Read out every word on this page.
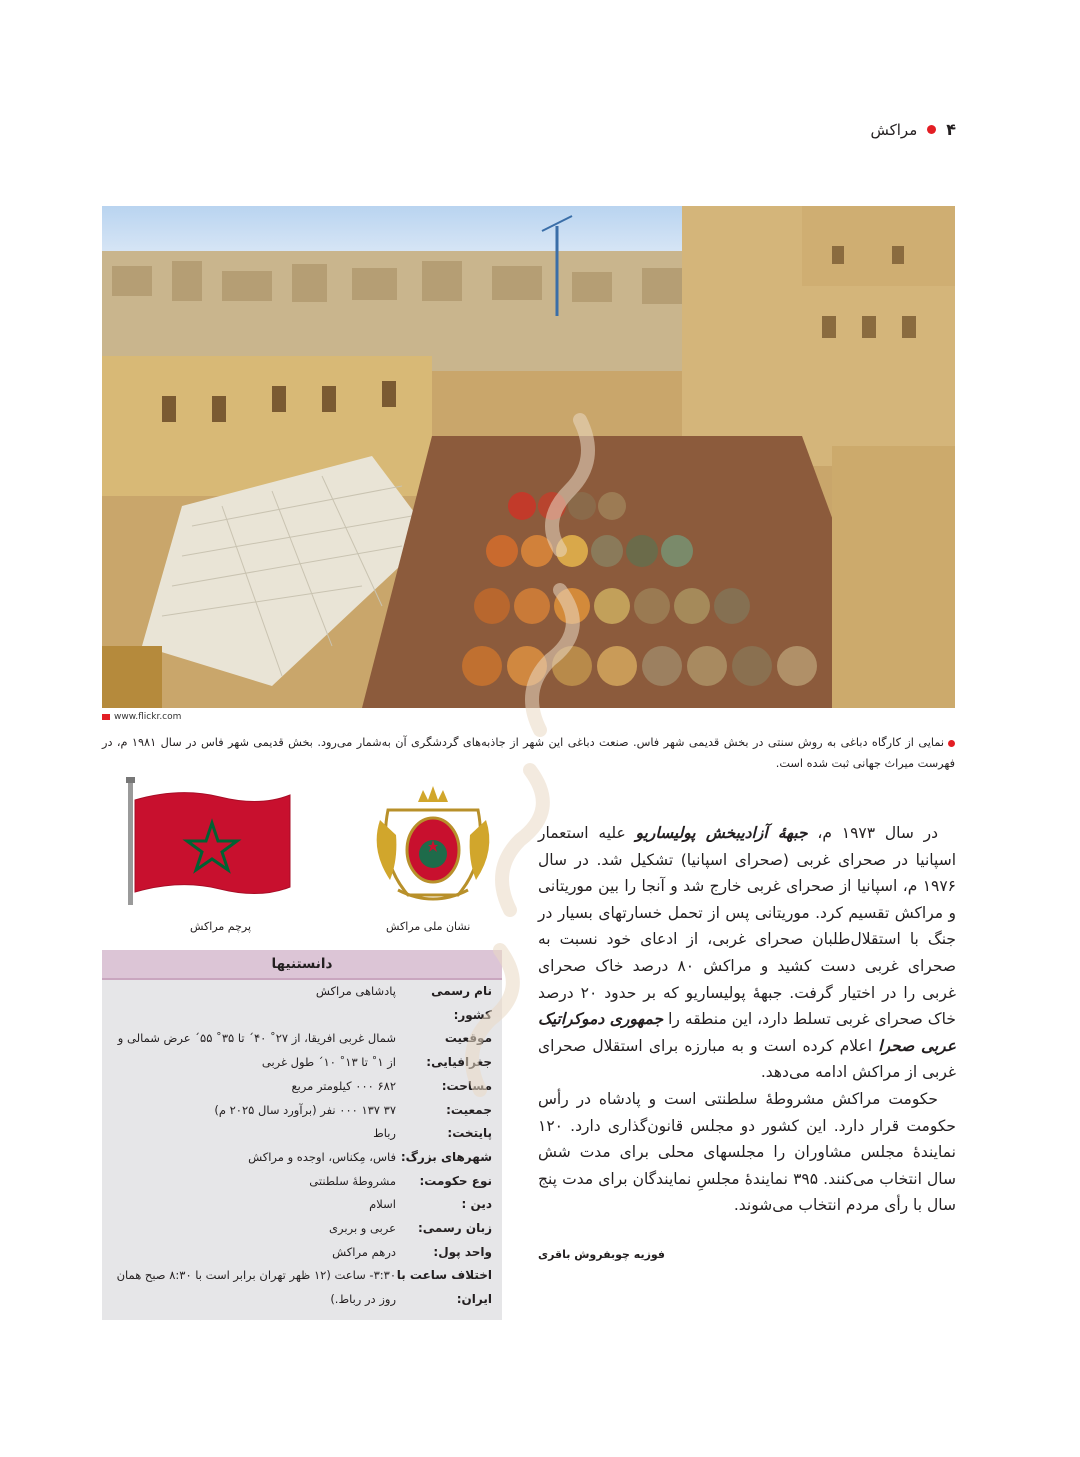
۴
مراکش
www.flickr.com
نمایی از کارگاه دباغی به روش سنتی در بخش قدیمی شهر فاس. صنعت دباغی این شهر از جاذبه‌های گردشگری آن به‌شمار می‌رود. بخش قدیمی شهر فاس در سال ۱۹۸۱ م، در فهرست میراث جهانی ثبت شده است.
نشان ملی مراکش
پرچم مراکش

در سال ۱۹۷۳ م، جبههٔ آزادیبخش پولیساریو علیه استعمار اسپانیا در صحرای غربی (صحرای اسپانیا) تشکیل شد. در سال ۱۹۷۶ م، اسپانیا از صحرای غربی خارج شد و آنجا را بین موریتانی و مراکش تقسیم کرد. موریتانی پس از تحمل خسارتهای بسیار در جنگ با استقلال‌طلبان صحرای غربی، از ادعای خود نسبت به صحرای غربی دست کشید و مراکش ۸۰ درصد خاک صحرای غربی را در اختیار گرفت. جبههٔ پولیساریو که بر حدود ۲۰ درصد خاک صحرای غربی تسلط دارد، این منطقه را جمهوری دموکراتیک عربی صحرا اعلام کرده است و به مبارزه برای استقلال صحرای غربی از مراکش ادامه می‌دهد.

حکومت مراکش مشروطهٔ سلطنتی است و پادشاه در رأس حکومت قرار دارد. این کشور دو مجلس قانون‌گذاری دارد. ۱۲۰ نمایندهٔ مجلس مشاوران را مجلسهای محلی برای مدت شش سال انتخاب می‌کنند. ۳۹۵ نمایندهٔ مجلسِ نمایندگان برای مدت پنج سال با رأی مردم انتخاب می‌شوند.

فوزیه چوبفروش باقری
دانستنیها
نام رسمی کشور:
پادشاهی مراکش
موقعیت جغرافیایی:
شمال غربی افریقا، از ۲۷˚ ۴۰´ تا ۳۵˚ ۵۵´ عرض شمالی و از ۱˚ تا ۱۳˚ ۱۰´ طول غربی
مساحت:
۶۸۲ ۰۰۰ کیلومتر مربع
جمعیت:
۳۷ ۱۳۷ ۰۰۰ نفر (برآورد سال ۲۰۲۵ م)
پایتخت:
رباط
شهرهای بزرگ:
فاس، مِکناس، اوجده و مراکش
نوع حکومت:
مشروطهٔ سلطنتی
دین :
اسلام
زبان رسمی:
عربی و بربری
واحد پول:
درهم مراکش
اختلاف ساعت با ایران:
۳:۳۰- ساعت (۱۲ ظهر تهران برابر است با ۸:۳۰ صبح همان روز در رباط.)
